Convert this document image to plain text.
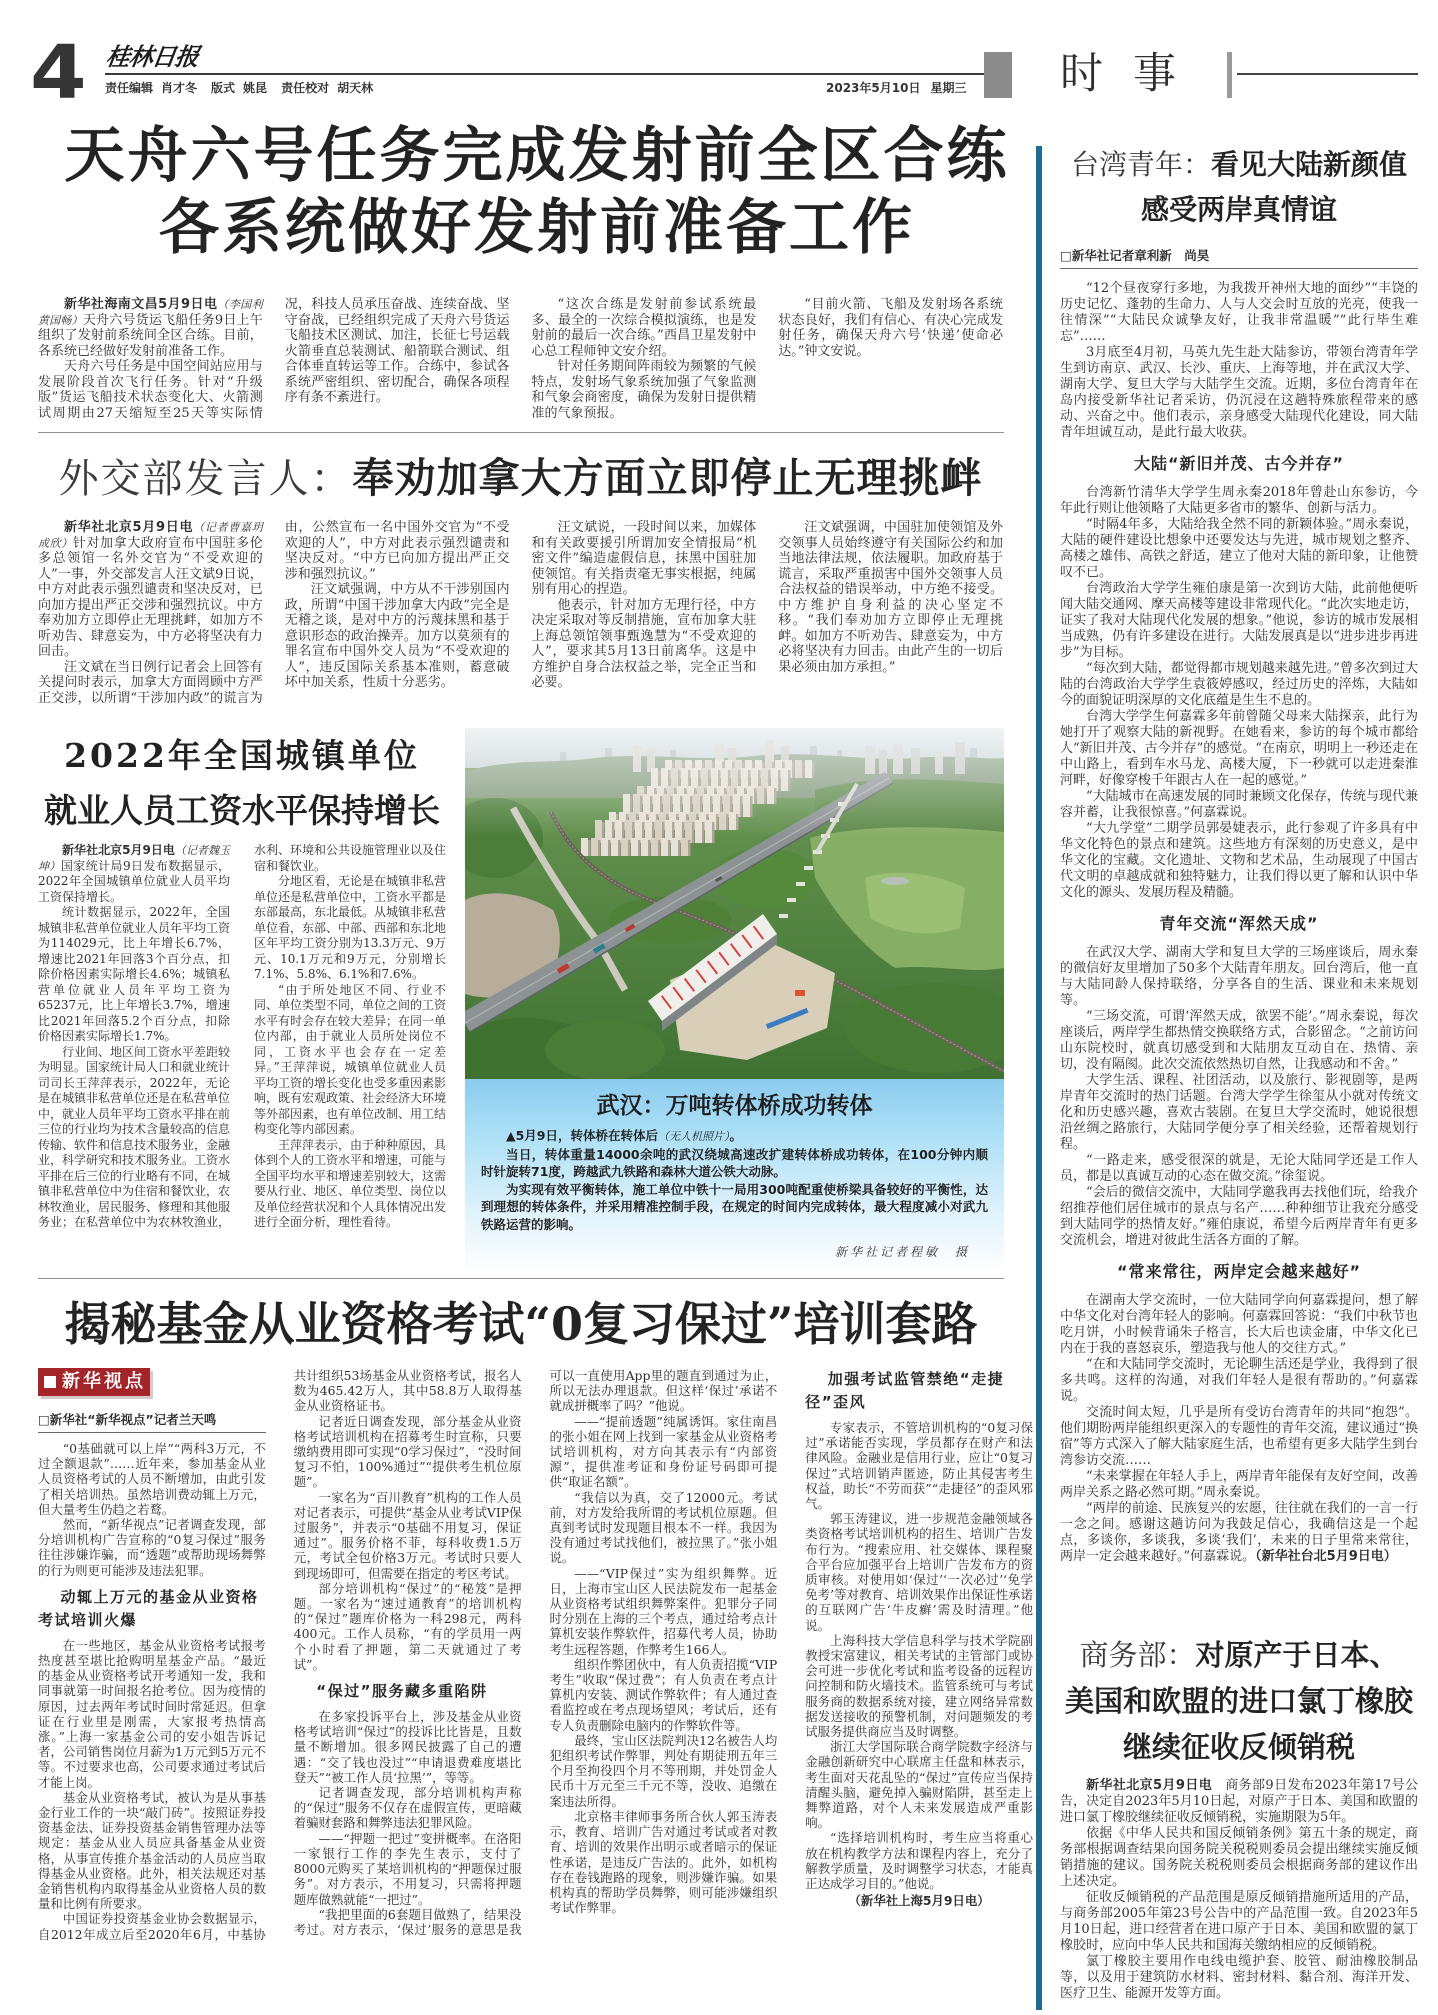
4 桂林日报
责任编辑 肖才冬 版式 姚昆 责任校对 胡天林	2023年5月10日 星期三 时事
天舟六号任务完成发射前全区合练
各系统做好发射前准备工作

新华社海南文昌5月9日电（李国利 黄国畅）天舟六号货运飞船任务9日上午组织了发射前系统间全区合练。目前，各系统已经做好发射前准备工作。

天舟六号任务是中国空间站应用与发展阶段首次飞行任务。针对“升级版”货运飞船技术状态变化大、火箭测试周期由27天缩短至25天等实际情况，科技人员承压奋战、连续奋战、坚守奋战，已经组织完成了天舟六号货运飞船技术区测试、加注，长征七号运载火箭垂直总装测试、船箭联合测试、组合体垂直转运等工作。合练中，参试各系统严密组织、密切配合，确保各项程序有条不紊进行。

“这次合练是发射前参试系统最多、最全的一次综合模拟演练，也是发射前的最后一次合练。”西昌卫星发射中心总工程师钟文安介绍。

针对任务期间阵雨较为频繁的气候特点，发射场气象系统加强了气象监测和气象会商密度，确保为发射日提供精准的气象预报。

“目前火箭、飞船及发射场各系统状态良好，我们有信心、有决心完成发射任务，确保天舟六号‘快递’使命必达。”钟文安说。

外交部发言人：奉劝加拿大方面立即停止无理挑衅

新华社北京5月9日电（记者曹嘉玥 成欣）针对加拿大政府宣布中国驻多伦多总领馆一名外交官为“不受欢迎的人”一事，外交部发言人汪文斌9日说，中方对此表示强烈谴责和坚决反对，已向加方提出严正交涉和强烈抗议。中方奉劝加方立即停止无理挑衅，如加方不听劝告、肆意妄为，中方必将坚决有力回击。

汪文斌在当日例行记者会上回答有关提问时表示，加拿大方面罔顾中方严正交涉，以所谓“干涉加内政”的谎言为由，公然宣布一名中国外交官为“不受欢迎的人”，中方对此表示强烈谴责和坚决反对。“中方已向加方提出严正交涉和强烈抗议。”

汪文斌强调，中方从不干涉别国内政，所谓“中国干涉加拿大内政”完全是无稽之谈，是对中方的污蔑抹黑和基于意识形态的政治操弄。加方以莫须有的罪名宣布中国外交人员为“不受欢迎的人”，违反国际关系基本准则，蓄意破坏中加关系，性质十分恶劣。

汪文斌说，一段时间以来，加媒体和有关政要援引所谓加安全情报局“机密文件”编造虚假信息，抹黑中国驻加使领馆。有关指责毫无事实根据，纯属别有用心的捏造。

他表示，针对加方无理行径，中方决定采取对等反制措施，宣布加拿大驻上海总领馆领事甄逸慧为“不受欢迎的人”，要求其5月13日前离华。这是中方维护自身合法权益之举，完全正当和必要。

汪文斌强调，中国驻加使领馆及外交领事人员始终遵守有关国际公约和加当地法律法规，依法履职。加政府基于谎言，采取严重损害中国外交领事人员合法权益的错误举动，中方绝不接受。中方维护自身利益的决心坚定不移。“我们奉劝加方立即停止无理挑衅。如加方不听劝告、肆意妄为，中方必将坚决有力回击。由此产生的一切后果必须由加方承担。”

2022年全国城镇单位
就业人员工资水平保持增长

新华社北京5月9日电（记者魏玉坤）国家统计局9日发布数据显示，2022年全国城镇单位就业人员平均工资保持增长。

统计数据显示，2022年，全国城镇非私营单位就业人员年平均工资为114029元，比上年增长6.7%，增速比2021年回落3个百分点，扣除价格因素实际增长4.6%；城镇私营单位就业人员年平均工资为65237元，比上年增长3.7%，增速比2021年回落5.2个百分点，扣除价格因素实际增长1.7%。

行业间、地区间工资水平差距较为明显。国家统计局人口和就业统计司司长王萍萍表示，2022年，无论是在城镇非私营单位还是在私营单位中，就业人员年平均工资水平排在前三位的行业均为技术含量较高的信息传输、软件和信息技术服务业，金融业，科学研究和技术服务业。工资水平排在后三位的行业略有不同，在城镇非私营单位中为住宿和餐饮业，农林牧渔业，居民服务、修理和其他服务业；在私营单位中为农林牧渔业，水利、环境和公共设施管理业以及住宿和餐饮业。

分地区看，无论是在城镇非私营单位还是私营单位中，工资水平都是东部最高，东北最低。从城镇非私营单位看，东部、中部、西部和东北地区年平均工资分别为13.3万元、9万元、10.1万元和9万元，分别增长7.1%、5.8%、6.1%和7.6%。

“由于所处地区不同、行业不同、单位类型不同，单位之间的工资水平有时会存在较大差异；在同一单位内部，由于就业人员所处岗位不同，工资水平也会存在一定差异。”王萍萍说，城镇单位就业人员平均工资的增长变化也受多重因素影响，既有宏观政策、社会经济大环境等外部因素，也有单位改制、用工结构变化等内部因素。

王萍萍表示，由于种种原因，具体到个人的工资水平和增速，可能与全国平均水平和增速差别较大，这需要从行业、地区、单位类型、岗位以及单位经营状况和个人具体情况出发进行全面分析，理性看待。

武汉：万吨转体桥成功转体

▲5月9日，转体桥在转体后（无人机照片）。

当日，转体重量14000余吨的武汉绕城高速改扩建转体桥成功转体，在100分钟内顺时针旋转71度，跨越武九铁路和森林大道公铁大动脉。

为实现有效平衡转体，施工单位中铁十一局用300吨配重使桥梁具备较好的平衡性，达到理想的转体条件，并采用精准控制手段，在规定的时间内完成转体，最大程度减小对武九铁路运营的影响。

新华社记者程敏　摄
揭秘基金从业资格考试“0复习保过”培训套路
新华视点
□新华社“新华视点”记者兰天鸣

“0基础就可以上岸”“两科3万元，不过全额退款”……近年来，参加基金从业人员资格考试的人员不断增加，由此引发了相关培训热。虽然培训费动辄上万元，但大量考生仍趋之若鹜。

然而，“新华视点”记者调查发现，部分培训机构广告宣称的“0复习保过”服务往往涉嫌诈骗，而“透题”或帮助现场舞弊的行为则更可能涉及违法犯罪。

动辄上万元的基金从业资格考试培训火爆

在一些地区，基金从业资格考试报考热度甚至堪比抢购明星基金产品。“最近的基金从业资格考试开考通知一发，我和同事就第一时间报名抢考位。因为疫情的原因，过去两年考试时间时常延迟。但拿证在行业里是刚需，大家报考热情高涨。”上海一家基金公司的安小姐告诉记者，公司销售岗位月薪为1万元到5万元不等。不过要求也高，公司要求通过考试后才能上岗。

基金从业资格考试，被认为是从事基金行业工作的一块“敲门砖”。按照证券投资基金法、证券投资基金销售管理办法等规定：基金从业人员应具备基金从业资格，从事宣传推介基金活动的人员应当取得基金从业资格。此外，相关法规还对基金销售机构内取得基金从业资格人员的数量和比例有所要求。

中国证券投资基金业协会数据显示，自2012年成立后至2020年6月，中基协共计组织53场基金从业资格考试，报名人数为465.42万人，其中58.8万人取得基金从业资格证书。

记者近日调查发现，部分基金从业资格考试培训机构在招募考生时宣称，只要缴纳费用即可实现“0学习保过”，“没时间复习不怕，100%通过”“提供考生机位原题”。

一家名为“百川教育”机构的工作人员对记者表示，可提供“基金从业考试VIP保过服务”，并表示“0基础不用复习，保证通过”。服务价格不菲，每科收费1.5万元，考试全包价格3万元。考试时只要人到现场即可，但需要在指定的考区考试。

部分培训机构“保过”的“秘笈”是押题。一家名为“速过通教育”的培训机构的“保过”题库价格为一科298元，两科400元。工作人员称，“有的学员用一两个小时看了押题，第二天就通过了考试”。

“保过”服务藏多重陷阱

在多家投诉平台上，涉及基金从业资格考试培训“保过”的投诉比比皆是，且数量不断增加。很多网民披露了自己的遭遇：“交了钱也没过”“申请退费难度堪比登天”“被工作人员‘拉黑’”，等等。

记者调查发现，部分培训机构声称的“保过”服务不仅存在虚假宣传，更暗藏着骗财套路和舞弊违法犯罪风险。

——“押题一把过”变拼概率。在洛阳一家银行工作的李先生表示，支付了8000元购买了某培训机构的“押题保过服务”。对方表示，不用复习，只需将押题题库做熟就能“一把过”。

“我把里面的6套题目做熟了，结果没考过。对方表示，‘保过’服务的意思是我可以一直使用App里的题直到通过为止，所以无法办理退款。但这样‘保过’承诺不就成拼概率了吗？”他说。

——“提前透题”纯属诱饵。家住南昌的张小姐在网上找到一家基金从业资格考试培训机构，对方向其表示有“内部资源”，提供准考证和身份证号码即可提供“取证名额”。

“我信以为真，交了12000元。考试前，对方发给我所谓的考试机位原题。但真到考试时发现题目根本不一样。我因为没有通过考试找他们，被拉黑了。”张小姐说。

——“VIP保过”实为组织舞弊。近日，上海市宝山区人民法院发布一起基金从业资格考试组织舞弊案件。犯罪分子同时分别在上海的三个考点，通过给考点计算机安装作弊软件，招募代考人员，协助考生远程答题，作弊考生166人。

组织作弊团伙中，有人负责招揽“VIP考生”收取“保过费”；有人负责在考点计算机内安装、测试作弊软件；有人通过查看监控或在考点现场望风；考试后，还有专人负责删除电脑内的作弊软件等。

最终，宝山区法院判决12名被告人均犯组织考试作弊罪，判处有期徒刑五年三个月至拘役四个月不等刑期，并处罚金人民币十万元至三千元不等，没收、追缴在案违法所得。

北京格丰律师事务所合伙人郭玉涛表示，教育、培训广告对通过考试或者对教育、培训的效果作出明示或者暗示的保证性承诺，是违反广告法的。此外，如机构存在卷钱跑路的现象，则涉嫌诈骗。如果机构真的帮助学员舞弊，则可能涉嫌组织考试作弊罪。

加强考试监管禁绝“走捷径”歪风

专家表示，不管培训机构的“0复习保过”承诺能否实现，学员都存在财产和法律风险。金融业是信用行业，应让“0复习保过”式培训销声匿迹，防止其侵害考生权益，助长“不劳而获”“走捷径”的歪风邪气。

郭玉涛建议，进一步规范金融领域各类资格考试培训机构的招生、培训广告发布行为。“搜索应用、社交媒体、课程聚合平台应加强平台上培训广告发布方的资质审核。对使用如‘保过’‘一次必过’‘免学免考’等对教育、培训效果作出保证性承诺的互联网广告‘牛皮癣’需及时清理。”他说。

上海科技大学信息科学与技术学院副教授宋富建议，相关考试的主管部门或协会可进一步优化考试和监考设备的远程访问控制和防火墙技术。监管系统可与考试服务商的数据系统对接，建立网络异常数据发送接收的预警机制，对问题频发的考试服务提供商应当及时调整。

浙江大学国际联合商学院数字经济与金融创新研究中心联席主任盘和林表示，考生面对天花乱坠的“保过”宣传应当保持清醒头脑，避免掉入骗财陷阱，甚至走上舞弊道路，对个人未来发展造成严重影响。

“选择培训机构时，考生应当将重心放在机构教学方法和课程内容上，充分了解教学质量，及时调整学习状态，才能真正达成学习目的。”他说。

（新华社上海5月9日电）
台湾青年：看见大陆新颜值
感受两岸真情谊
□新华社记者章利新　尚昊

“12个昼夜穿行多地，为我拨开神州大地的面纱”“丰饶的历史记忆、蓬勃的生命力、人与人交会时互放的光亮，使我一往情深”“大陆民众诚挚友好，让我非常温暖”“此行毕生难忘”……

3月底至4月初，马英九先生赴大陆参访，带领台湾青年学生到访南京、武汉、长沙、重庆、上海等地，并在武汉大学、湖南大学、复旦大学与大陆学生交流。近期，多位台湾青年在岛内接受新华社记者采访，仍沉浸在这趟特殊旅程带来的感动、兴奋之中。他们表示，亲身感受大陆现代化建设，同大陆青年坦诚互动，是此行最大收获。

大陆“新旧并茂、古今并存”

台湾新竹清华大学学生周永秦2018年曾赴山东参访，今年此行则让他领略了大陆更多省市的繁华、创新与活力。

“时隔4年多，大陆给我全然不同的新颖体验。”周永秦说，大陆的硬件建设比想象中还要发达与先进，城市规划之整齐、高楼之雄伟、高铁之舒适，建立了他对大陆的新印象，让他赞叹不已。

台湾政治大学学生雍伯康是第一次到访大陆，此前他便听闻大陆交通网、摩天高楼等建设非常现代化。“此次实地走访，证实了我对大陆现代化发展的想象。”他说，参访的城市发展相当成熟，仍有许多建设在进行。大陆发展真是以“进步进步再进步”为目标。

“每次到大陆，都觉得都市规划越来越先进。”曾多次到过大陆的台湾政治大学学生袁筱婷感叹，经过历史的淬炼，大陆如今的面貌证明深厚的文化底蕴是生生不息的。

台湾大学学生何嘉霖多年前曾随父母来大陆探亲，此行为她打开了观察大陆的新视野。在她看来，参访的每个城市都给人“新旧并茂、古今并存”的感觉。“在南京，明明上一秒还走在中山路上，看到车水马龙、高楼大厦，下一秒就可以走进秦淮河畔，好像穿梭千年跟古人在一起的感觉。”

“大陆城市在高速发展的同时兼顾文化保存，传统与现代兼容并蓄，让我很惊喜。”何嘉霖说。

“大九学堂”二期学员郭晏婕表示，此行参观了许多具有中华文化特色的景点和建筑。这些地方有深刻的历史意义，是中华文化的宝藏。文化遗址、文物和艺术品，生动展现了中国古代文明的卓越成就和独特魅力，让我们得以更了解和认识中华文化的源头、发展历程及精髓。

青年交流“浑然天成”

在武汉大学、湖南大学和复旦大学的三场座谈后，周永秦的微信好友里增加了50多个大陆青年朋友。回台湾后，他一直与大陆同龄人保持联络，分享各自的生活、课业和未来规划等。

“三场交流，可谓‘浑然天成，欲罢不能’。”周永秦说，每次座谈后，两岸学生都热情交换联络方式，合影留念。“之前访问山东院校时，就真切感受到和大陆朋友互动自在、热情、亲切，没有隔阂。此次交流依然热切自然，让我感动和不舍。”

大学生活、课程、社团活动，以及旅行、影视剧等，是两岸青年交流时的热门话题。台湾大学学生徐玺从小就对传统文化和历史感兴趣，喜欢古装剧。在复旦大学交流时，她说很想沿丝绸之路旅行，大陆同学便分享了相关经验，还帮着规划行程。

“一路走来，感受很深的就是，无论大陆同学还是工作人员，都是以真诚互动的心态在做交流。”徐玺说。

“会后的微信交流中，大陆同学邀我再去找他们玩，给我介绍推荐他们居住城市的景点与名产……种种细节让我充分感受到大陆同学的热情友好。”雍伯康说，希望今后两岸青年有更多交流机会，增进对彼此生活各方面的了解。

“常来常往，两岸定会越来越好”

在湖南大学交流时，一位大陆同学向何嘉霖提问，想了解中华文化对台湾年轻人的影响。何嘉霖回答说：“我们中秋节也吃月饼，小时候背诵朱子格言，长大后也读金庸，中华文化已内在于我的喜怒哀乐，塑造我与他人的交往方式。”

“在和大陆同学交流时，无论聊生活还是学业，我得到了很多共鸣。这样的沟通，对我们年轻人是很有帮助的。”何嘉霖说。

交流时间太短，几乎是所有受访台湾青年的共同“抱怨”。他们期盼两岸能组织更深入的专题性的青年交流，建议通过“换宿”等方式深入了解大陆家庭生活，也希望有更多大陆学生到台湾参访交流……

“未来掌握在年轻人手上，两岸青年能保有友好空间，改善两岸关系之路必然可期。”周永秦说。

“两岸的前途、民族复兴的宏愿，往往就在我们的一言一行一念之间。感谢这趟访问为我鼓足信心，我确信这是一个起点，多谈你，多谈我，多谈‘我们’，未来的日子里常来常往，两岸一定会越来越好。”何嘉霖说。（新华社台北5月9日电）

商务部：对原产于日本、
美国和欧盟的进口氯丁橡胶
继续征收反倾销税

新华社北京5月9日电 商务部9日发布2023年第17号公告，决定自2023年5月10日起，对原产于日本、美国和欧盟的进口氯丁橡胶继续征收反倾销税，实施期限为5年。

依据《中华人民共和国反倾销条例》第五十条的规定，商务部根据调查结果向国务院关税税则委员会提出继续实施反倾销措施的建议。国务院关税税则委员会根据商务部的建议作出上述决定。

征收反倾销税的产品范围是原反倾销措施所适用的产品，与商务部2005年第23号公告中的产品范围一致。自2023年5月10日起，进口经营者在进口原产于日本、美国和欧盟的氯丁橡胶时，应向中华人民共和国海关缴纳相应的反倾销税。

氯丁橡胶主要用作电线电缆护套、胶管、耐油橡胶制品等，以及用于建筑防水材料、密封材料、黏合剂、海洋开发、医疗卫生、能源开发等方面。
